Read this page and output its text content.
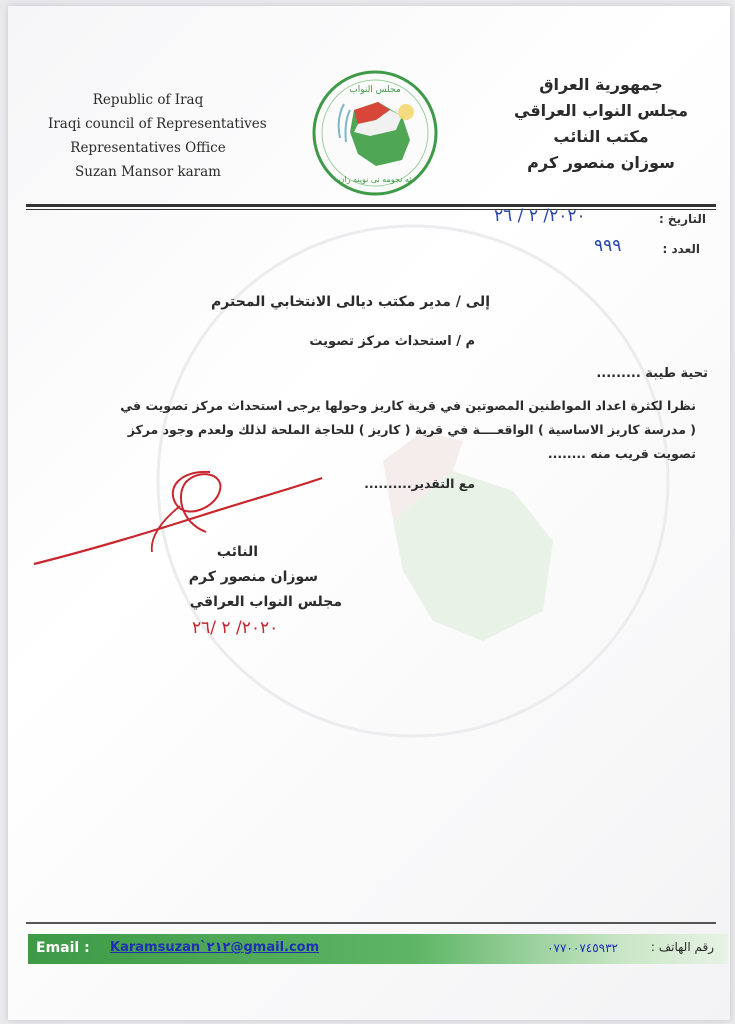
Republic of Iraq
Iraqi council of Representatives
Representatives Office
Suzan Mansor karam
مجلس النواب
ئه نجومه نى نوينه ران
جمهورية العراق
مجلس النواب العراقي
مكتب النائب
سوزان منصور كرم
التاريخ :
٢٠٢٠/ ٢ / ٢٦
العدد :
٩٩٩
إلى / مدير مكتب ديالى الانتخابي المحترم
م / استحداث مركز تصويت
تحية طيبة .........
نظرا لكثرة اعداد المواطنين المصوتين في قرية كاريز وحولها يرجى استحداث مركز تصويت في
( مدرسة كاريز الاساسية ) الواقعــــة في قرية ( كاريز ) للحاجة الملحة لذلك ولعدم وجود مركز
تصويت قريب منه ........
مع التقدير..........
النائب
سوزان منصور كرم
مجلس النواب العراقي
٢٠٢٠/ ٢ /٢٦
Email : Karamsuzan`٢١٢@gmail.com	٠٧٧٠٠٧٤٥٩٣٢	رقم الهاتف :
